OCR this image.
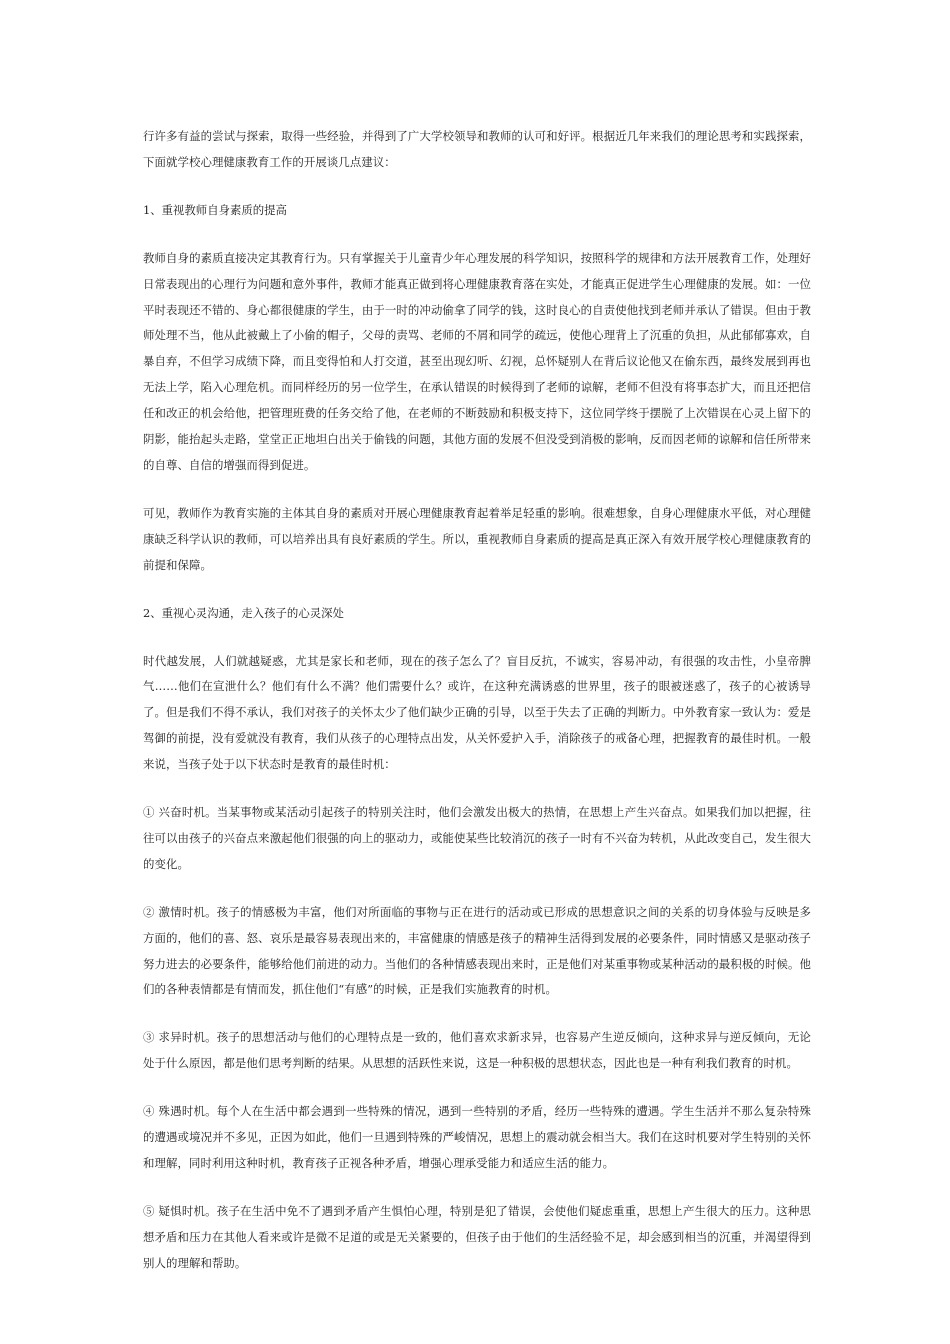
行许多有益的尝试与探索，取得一些经验，并得到了广大学校领导和教师的认可和好评。根据近几年来我们的理论思考和实践探索，下面就学校心理健康教育工作的开展谈几点建议：

1、重视教师自身素质的提高

教师自身的素质直接决定其教育行为。只有掌握关于儿童青少年心理发展的科学知识，按照科学的规律和方法开展教育工作，处理好日常表现出的心理行为问题和意外事件，教师才能真正做到将心理健康教育落在实处，才能真正促进学生心理健康的发展。如：一位平时表现还不错的、身心都很健康的学生，由于一时的冲动偷拿了同学的钱，这时良心的自责使他找到老师并承认了错误。但由于教师处理不当，他从此被戴上了小偷的帽子，父母的责骂、老师的不屑和同学的疏远，使他心理背上了沉重的负担，从此郁郁寡欢，自暴自弃，不但学习成绩下降，而且变得怕和人打交道，甚至出现幻听、幻视，总怀疑别人在背后议论他又在偷东西，最终发展到再也无法上学，陷入心理危机。而同样经历的另一位学生，在承认错误的时候得到了老师的谅解，老师不但没有将事态扩大，而且还把信任和改正的机会给他，把管理班费的任务交给了他，在老师的不断鼓励和积极支持下，这位同学终于摆脱了上次错误在心灵上留下的阴影，能抬起头走路，堂堂正正地坦白出关于偷钱的问题，其他方面的发展不但没受到消极的影响，反而因老师的谅解和信任所带来的自尊、自信的增强而得到促进。

可见，教师作为教育实施的主体其自身的素质对开展心理健康教育起着举足轻重的影响。很难想象，自身心理健康水平低，对心理健康缺乏科学认识的教师，可以培养出具有良好素质的学生。所以，重视教师自身素质的提高是真正深入有效开展学校心理健康教育的前提和保障。

2、重视心灵沟通，走入孩子的心灵深处

时代越发展，人们就越疑惑，尤其是家长和老师，现在的孩子怎么了？盲目反抗，不诚实，容易冲动，有很强的攻击性，小皇帝脾气……他们在宣泄什么？他们有什么不满？他们需要什么？或许，在这种充满诱惑的世界里，孩子的眼被迷惑了，孩子的心被诱导了。但是我们不得不承认，我们对孩子的关怀太少了他们缺少正确的引导，以至于失去了正确的判断力。中外教育家一致认为：爱是驾御的前提，没有爱就没有教育，我们从孩子的心理特点出发，从关怀爱护入手，消除孩子的戒备心理，把握教育的最佳时机。一般来说，当孩子处于以下状态时是教育的最佳时机：

① 兴奋时机。当某事物或某活动引起孩子的特别关注时，他们会激发出极大的热情，在思想上产生兴奋点。如果我们加以把握，往往可以由孩子的兴奋点来激起他们很强的向上的驱动力，或能使某些比较消沉的孩子一时有不兴奋为转机，从此改变自己，发生很大的变化。

② 激情时机。孩子的情感极为丰富，他们对所面临的事物与正在进行的活动或已形成的思想意识之间的关系的切身体验与反映是多方面的，他们的喜、怒、哀乐是最容易表现出来的，丰富健康的情感是孩子的精神生活得到发展的必要条件，同时情感又是驱动孩子努力进去的必要条件，能够给他们前进的动力。当他们的各种情感表现出来时，正是他们对某重事物或某种活动的最积极的时候。他们的各种表情都是有情而发，抓住他们“有感”的时候，正是我们实施教育的时机。

③ 求异时机。孩子的思想活动与他们的心理特点是一致的，他们喜欢求新求异，也容易产生逆反倾向，这种求异与逆反倾向，无论处于什么原因，都是他们思考判断的结果。从思想的活跃性来说，这是一种积极的思想状态，因此也是一种有利我们教育的时机。

④ 殊遇时机。每个人在生活中都会遇到一些特殊的情况，遇到一些特别的矛盾，经历一些特殊的遭遇。学生生活并不那么复杂特殊的遭遇或境况并不多见，正因为如此，他们一旦遇到特殊的严峻情况，思想上的震动就会相当大。我们在这时机要对学生特别的关怀和理解，同时利用这种时机，教育孩子正视各种矛盾，增强心理承受能力和适应生活的能力。

⑤ 疑惧时机。孩子在生活中免不了遇到矛盾产生惧怕心理，特别是犯了错误，会使他们疑虑重重，思想上产生很大的压力。这种思想矛盾和压力在其他人看来或许是微不足道的或是无关紧要的，但孩子由于他们的生活经验不足，却会感到相当的沉重，并渴望得到别人的理解和帮助。
